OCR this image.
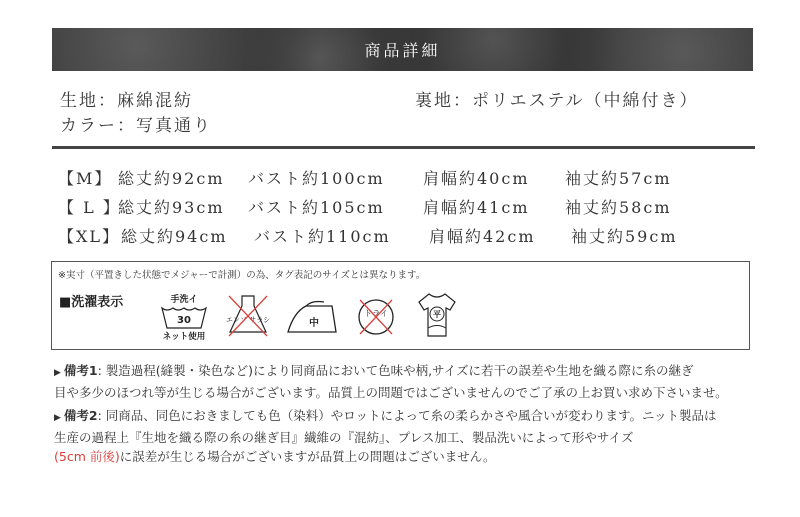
商品詳細
生地：麻綿混紡	裏地：ポリエステル（中綿付き）
カラー：写真通り
【M】 総丈約92cm バスト約100cm 肩幅約40cm 袖丈約57cm
【 L 】総丈約93cm バスト約105cm 肩幅約41cm 袖丈約58cm
【XL】総丈約94cm バスト約110cm 肩幅約42cm 袖丈約59cm
※実寸（平置きした状態でメジャーで計測）の為、タグ表記のサイズとは異なります。
■洗濯表示	手洗イ
30
ネット使用
エンソ サラシ	中
ドライ	平
▶ 備考1: 製造過程(縫製・染色など)により同商品において色味や柄,サイズに若干の誤差や生地を織る際に糸の継ぎ
目や多少のほつれ等が生じる場合がございます。品質上の問題ではございませんのでご了承の上お買い求め下さいませ。
▶ 備考2: 同商品、同色におきましても色（染料）やロットによって糸の柔らかさや風合いが変わります。ニット製品は
生産の過程上『生地を織る際の糸の継ぎ目』繊維の『混紡』、プレス加工、製品洗いによって形やサイズ
(5cm 前後)に誤差が生じる場合がございますが品質上の問題はございません。
